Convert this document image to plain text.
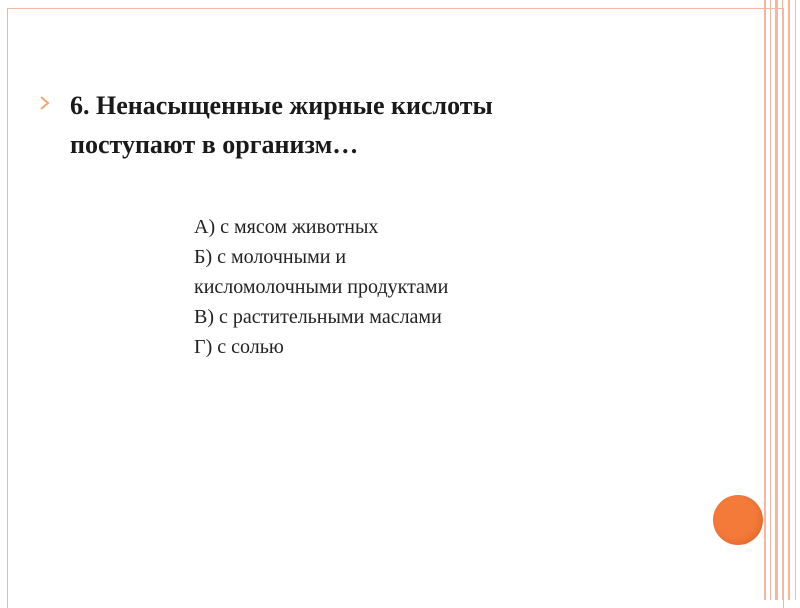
6. Ненасыщенные жирные кислоты поступают в организм…

А) с мясом животных
Б) с молочными и
кисломолочными продуктами
В) с растительными маслами
Г) с солью
